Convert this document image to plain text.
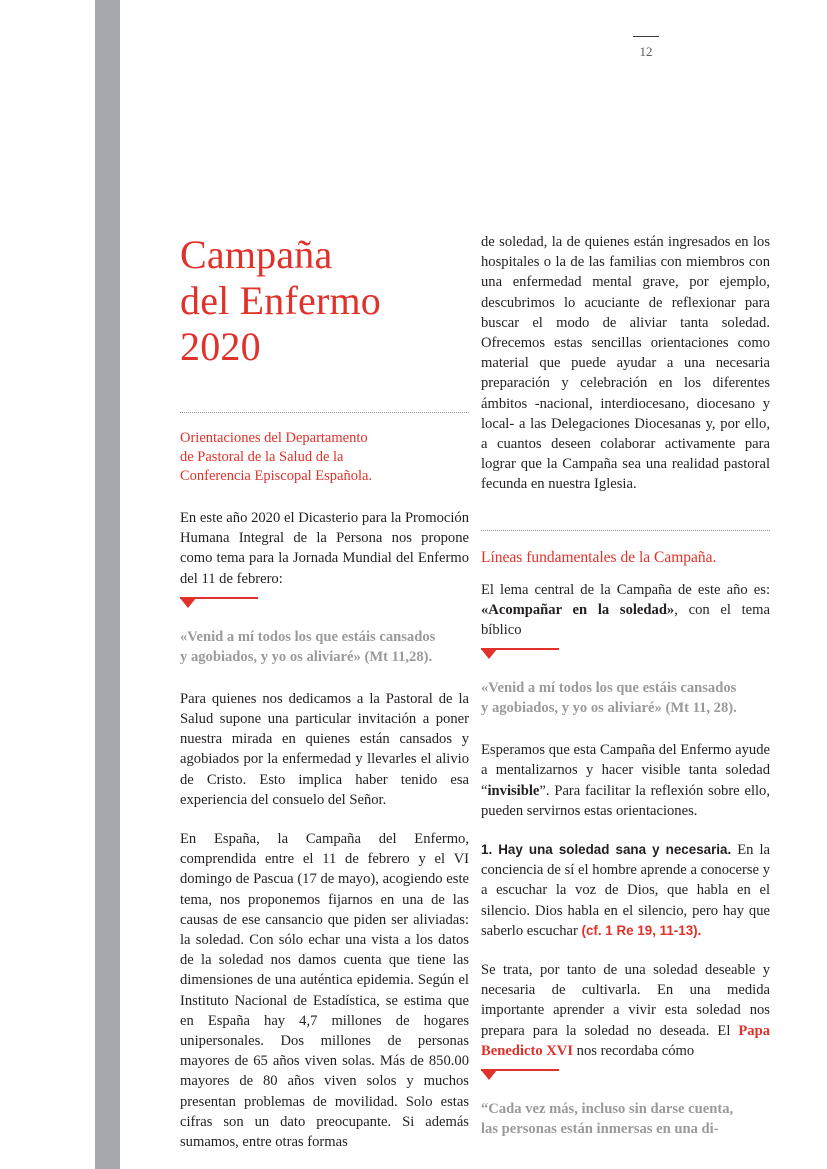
12
Campaña
del Enfermo
2020
Orientaciones del Departamento
de Pastoral de la Salud de la
Conferencia Episcopal Española.

En este año 2020 el Dicasterio para la Promoción Humana Integral de la Persona nos propone como tema para la Jornada Mundial del Enfermo del 11 de febrero:

«Venid a mí todos los que estáis cansados
y agobiados, y yo os aliviaré» (Mt 11,28).

Para quienes nos dedicamos a la Pastoral de la Salud supone una particular invitación a poner nuestra mirada en quienes están cansados y agobiados por la enfermedad y llevarles el alivio de Cristo. Esto implica haber tenido esa experiencia del consuelo del Señor.

En España, la Campaña del Enfermo, comprendida entre el 11 de febrero y el VI domingo de Pascua (17 de mayo), acogiendo este tema, nos proponemos fijarnos en una de las causas de ese cansancio que piden ser aliviadas: la soledad. Con sólo echar una vista a los datos de la soledad nos damos cuenta que tiene las dimensiones de una auténtica epidemia. Según el Instituto Nacional de Estadística, se estima que en España hay 4,7 millones de hogares unipersonales. Dos millones de personas mayores de 65 años viven solas. Más de 850.00 mayores de 80 años viven solos y muchos presentan problemas de movilidad. Solo estas cifras son un dato preocupante. Si además sumamos, entre otras formas

de soledad, la de quienes están ingresados en los hospitales o la de las familias con miembros con una enfermedad mental grave, por ejemplo, descubrimos lo acuciante de reflexionar para buscar el modo de aliviar tanta soledad. Ofrecemos estas sencillas orientaciones como material que puede ayudar a una necesaria preparación y celebración en los diferentes ámbitos -nacional, interdiocesano, diocesano y local- a las Delegaciones Diocesanas y, por ello, a cuantos deseen colaborar activamente para lograr que la Campaña sea una realidad pastoral fecunda en nuestra Iglesia.

Líneas fundamentales de la Campaña.

El lema central de la Campaña de este año es: «Acompañar en la soledad», con el tema bíblico

«Venid a mí todos los que estáis cansados
y agobiados, y yo os aliviaré» (Mt 11, 28).

Esperamos que esta Campaña del Enfermo ayude a mentalizarnos y hacer visible tanta soledad “invisible”. Para facilitar la reflexión sobre ello, pueden servirnos estas orientaciones.

1. Hay una soledad sana y necesaria. En la conciencia de sí el hombre aprende a conocerse y a escuchar la voz de Dios, que habla en el silencio. Dios habla en el silencio, pero hay que saberlo escuchar (cf. 1 Re 19, 11-13).

Se trata, por tanto de una soledad deseable y necesaria de cultivarla. En una medida importante aprender a vivir esta soledad nos prepara para la soledad no deseada. El Papa Benedicto XVI nos recordaba cómo

“Cada vez más, incluso sin darse cuenta,
las personas están inmersas en una di-
